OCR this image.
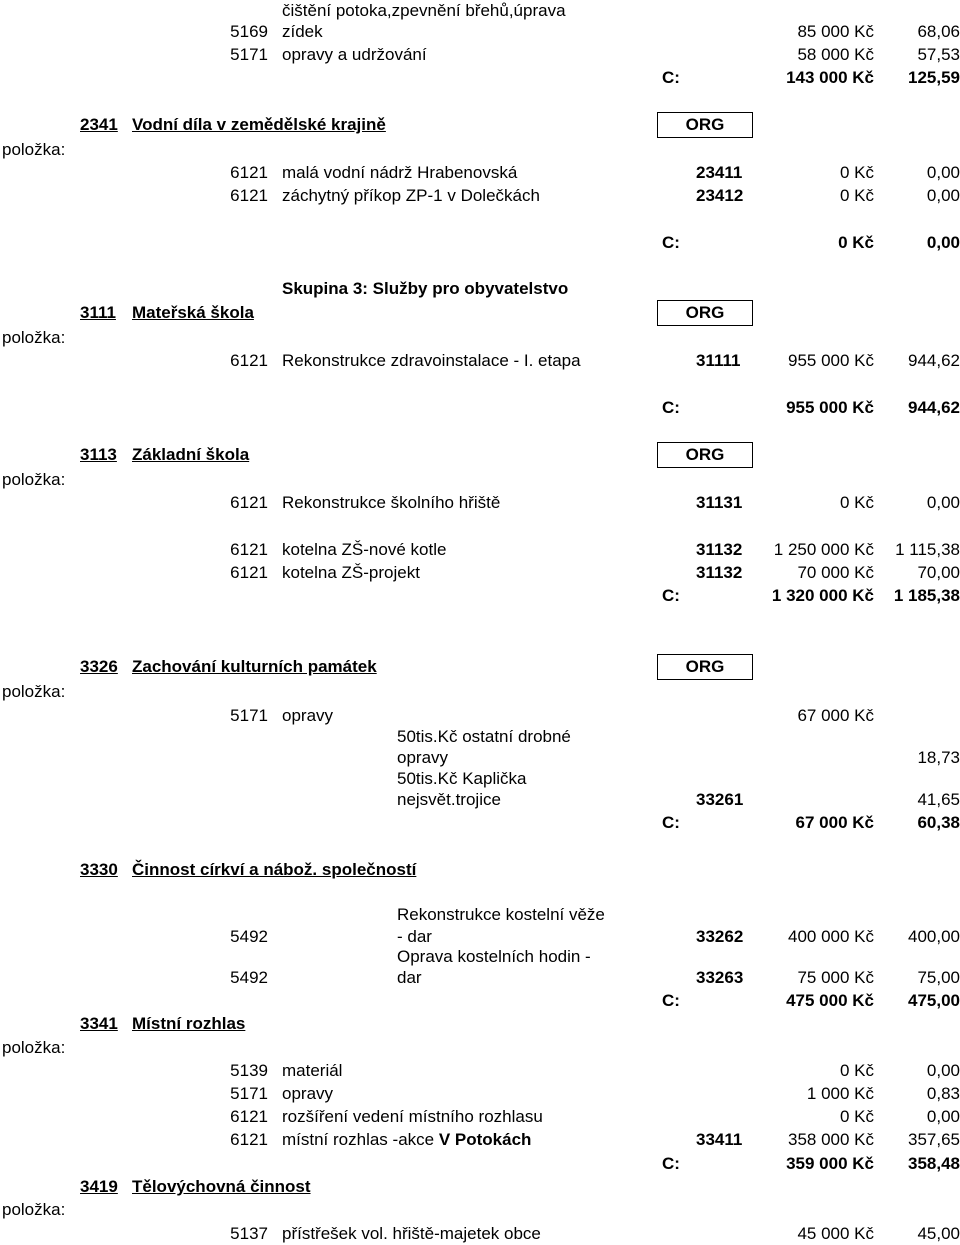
čištění potoka,zpevnění břehů,úprava
5169 zídek	85 000 Kč	68,06
5171 opravy a udržování	58 000 Kč	57,53
C:	143 000 Kč	125,59
2341 Vodní díla v zemědělské krajině	ORG
položka:
6121 malá vodní nádrž Hrabenovská	23411	0 Kč	0,00
6121 záchytný příkop ZP-1 v Dolečkách	23412	0 Kč	0,00
C:	0 Kč	0,00
Skupina 3: Služby pro obyvatelstvo
3111 Mateřská škola	ORG
položka:
6121 Rekonstrukce zdravoinstalace - I. etapa	31111	955 000 Kč	944,62
C:	955 000 Kč	944,62
3113 Základní škola	ORG
položka:
6121 Rekonstrukce školního hřiště	31131	0 Kč	0,00
6121 kotelna ZŠ-nové kotle	31132	1 250 000 Kč	1 115,38
6121 kotelna ZŠ-projekt	31132	70 000 Kč	70,00
C:	1 320 000 Kč	1 185,38
3326 Zachování kulturních památek	ORG
položka:
5171 opravy	67 000 Kč
50tis.Kč ostatní drobné
opravy	18,73
50tis.Kč Kaplička
nejsvět.trojice	33261	41,65
C:	67 000 Kč	60,38
3330 Činnost církví a nábož. společností
Rekonstrukce kostelní věže
5492	- dar	33262	400 000 Kč	400,00
Oprava kostelních hodin -
5492	dar	33263	75 000 Kč	75,00
C:	475 000 Kč	475,00
3341 Místní rozhlas
položka:
5139 materiál	0 Kč	0,00
5171 opravy	1 000 Kč	0,83
6121 rozšíření vedení místního rozhlasu	0 Kč	0,00
6121 místní rozhlas -akce V Potokách	33411	358 000 Kč	357,65
C:	359 000 Kč	358,48
3419 Tělovýchovná činnost
položka:
5137 přístřešek vol. hřiště-majetek obce	45 000 Kč	45,00
